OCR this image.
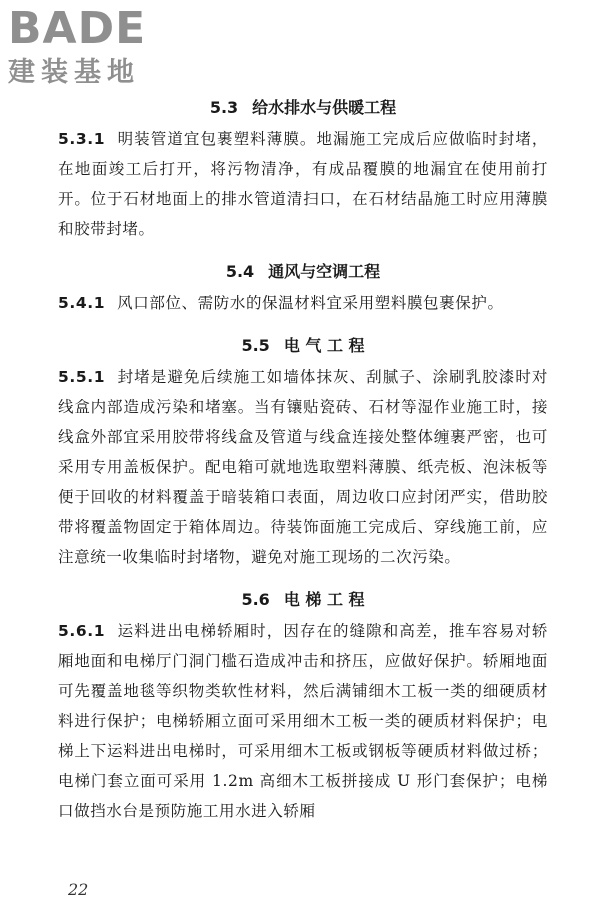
BADE
建装基地
5.3 给水排水与供暖工程

5.3.1 明装管道宜包裹塑料薄膜。地漏施工完成后应做临时封堵，在地面竣工后打开，将污物清净，有成品覆膜的地漏宜在使用前打开。位于石材地面上的排水管道清扫口，在石材结晶施工时应用薄膜和胶带封堵。

5.4 通风与空调工程

5.4.1 风口部位、需防水的保温材料宜采用塑料膜包裹保护。

5.5 电 气 工 程

5.5.1 封堵是避免后续施工如墙体抹灰、刮腻子、涂刷乳胶漆时对线盒内部造成污染和堵塞。当有镶贴瓷砖、石材等湿作业施工时，接线盒外部宜采用胶带将线盒及管道与线盒连接处整体缠裹严密，也可采用专用盖板保护。配电箱可就地选取塑料薄膜、纸壳板、泡沫板等便于回收的材料覆盖于暗装箱口表面，周边收口应封闭严实，借助胶带将覆盖物固定于箱体周边。待装饰面施工完成后、穿线施工前，应注意统一收集临时封堵物，避免对施工现场的二次污染。

5.6 电 梯 工 程

5.6.1 运料进出电梯轿厢时，因存在的缝隙和高差，推车容易对轿厢地面和电梯厅门洞门槛石造成冲击和挤压，应做好保护。轿厢地面可先覆盖地毯等织物类软性材料，然后满铺细木工板一类的细硬质材料进行保护；电梯轿厢立面可采用细木工板一类的硬质材料保护；电梯上下运料进出电梯时，可采用细木工板或钢板等硬质材料做过桥；电梯门套立面可采用 1.2m 高细木工板拼接成 U 形门套保护；电梯口做挡水台是预防施工用水进入轿厢

22
